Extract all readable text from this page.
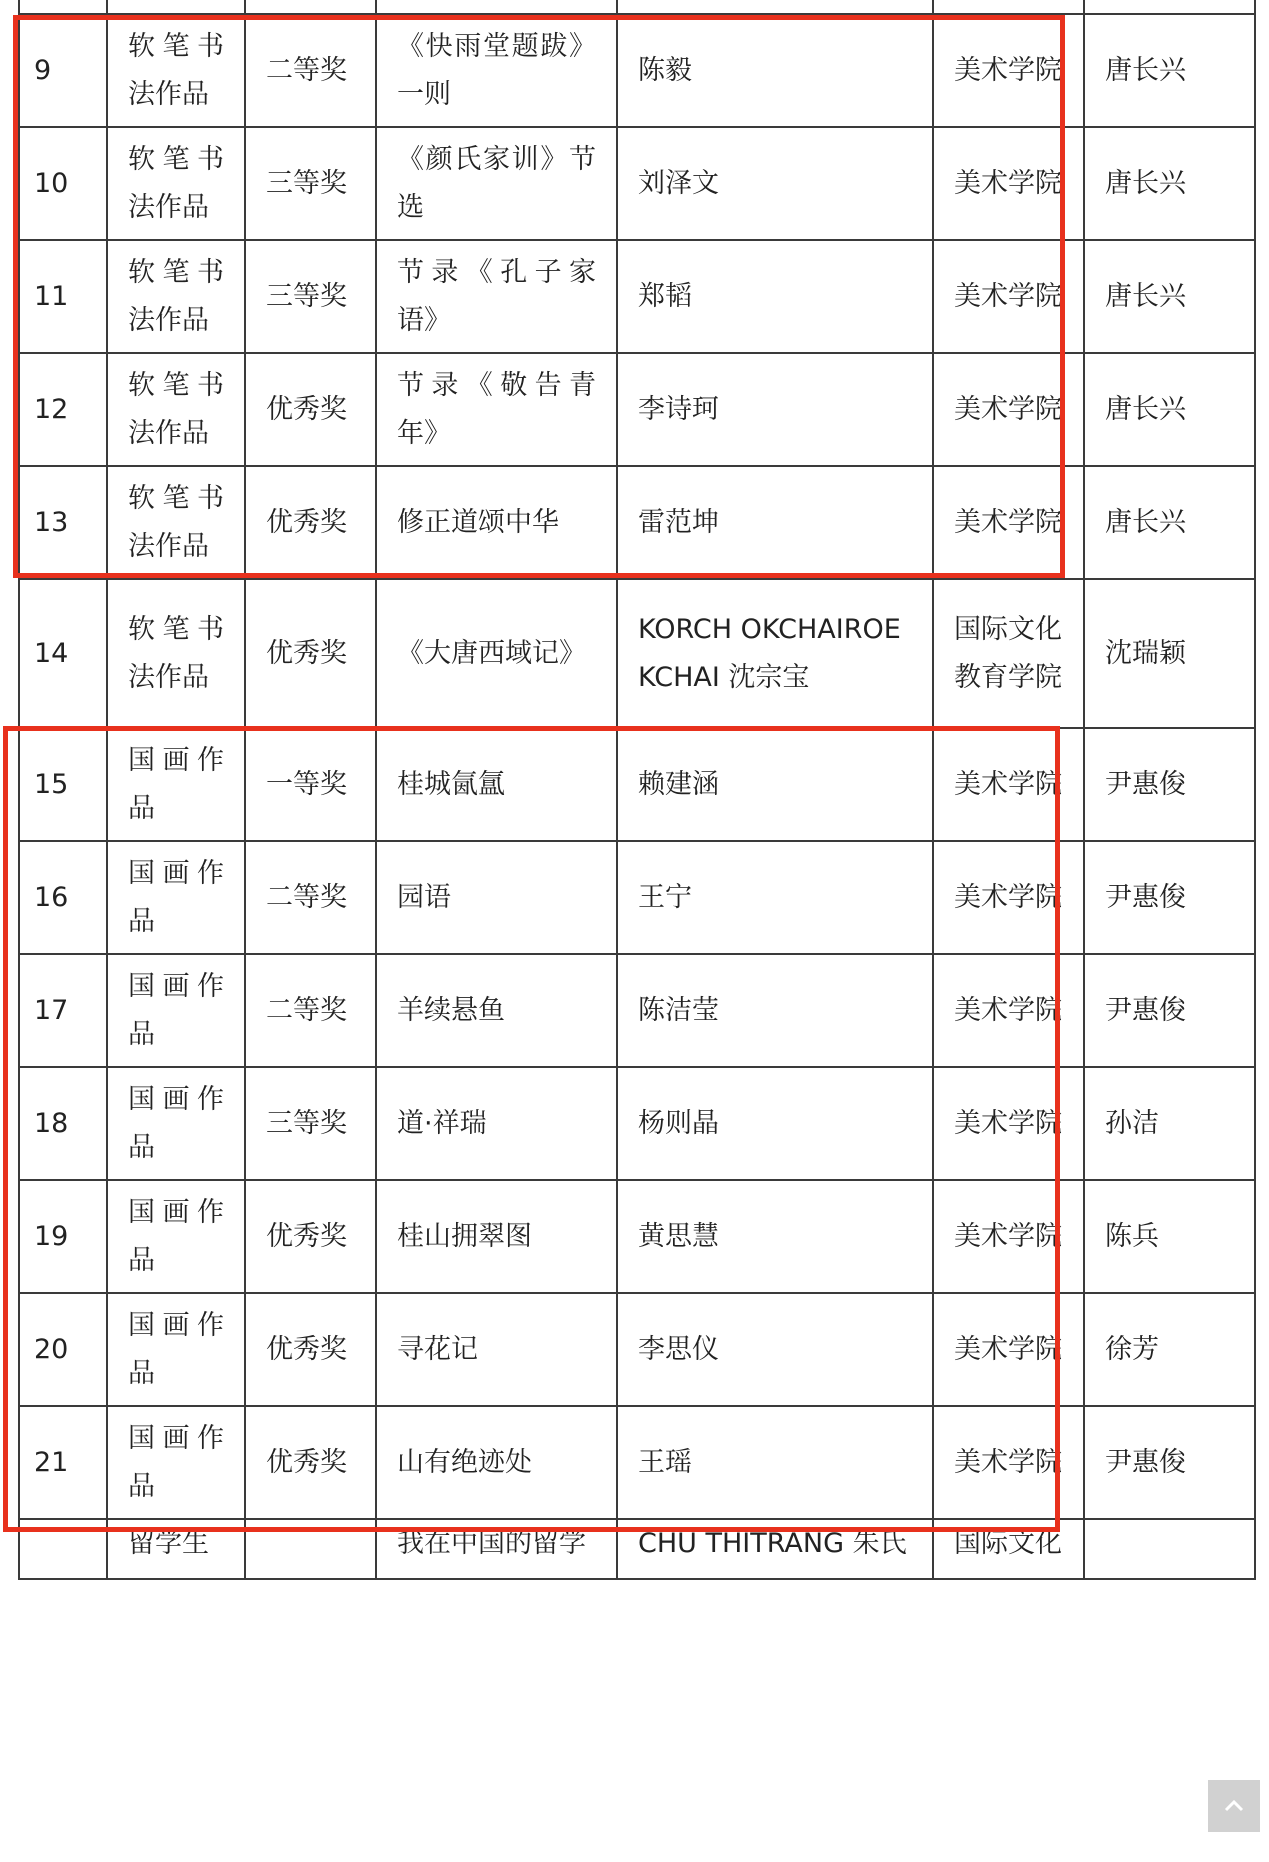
9	软笔书法作品	二等奖	《快雨堂题跋》一则	陈毅	美术学院	唐长兴
10	软笔书法作品	三等奖	《颜氏家训》节选	刘泽文	美术学院	唐长兴
11	软笔书法作品	三等奖	节录《孔子家语》	郑韬	美术学院	唐长兴
12	软笔书法作品	优秀奖	节录《敬告青年》	李诗珂	美术学院	唐长兴
13	软笔书法作品	优秀奖	修正道颂中华	雷范坤	美术学院	唐长兴
14	软笔书法作品	优秀奖	《大唐西域记》	KORCH OKCHAIROEKCHAI 沈宗宝	国际文化教育学院	沈瑞颖
15	国画作品	一等奖	桂城氤氲	赖建涵	美术学院	尹惠俊
16	国画作品	二等奖	园语	王宁	美术学院	尹惠俊
17	国画作品	二等奖	羊续悬鱼	陈洁莹	美术学院	尹惠俊
18	国画作品	三等奖	道·祥瑞	杨则晶	美术学院	孙洁
19	国画作品	优秀奖	桂山拥翠图	黄思慧	美术学院	陈兵
20	国画作品	优秀奖	寻花记	李思仪	美术学院	徐芳
21	国画作品	优秀奖	山有绝迹处	王瑶	美术学院	尹惠俊
	留学生		我在中国的留学	CHU THITRANG 朱氏	国际文化	
